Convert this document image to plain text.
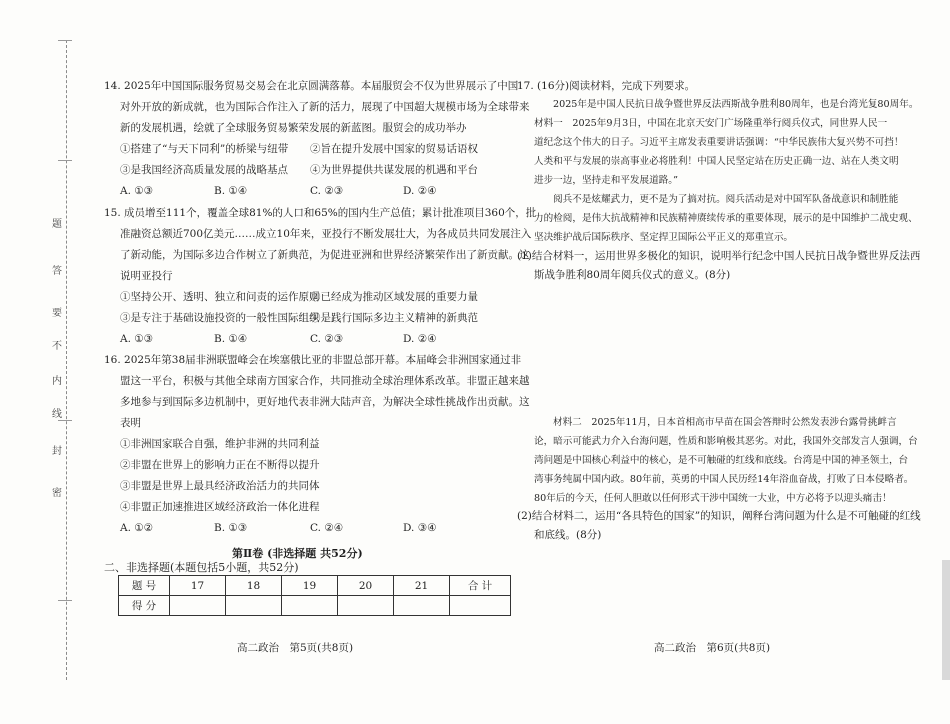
题
答
要
不
内
线
封
密
14. 2025年中国国际服务贸易交易会在北京圆满落幕。本届服贸会不仅为世界展示了中国
对外开放的新成就，也为国际合作注入了新的活力，展现了中国超大规模市场为全球带来
新的发展机遇，绘就了全球服务贸易繁荣发展的新蓝图。服贸会的成功举办
①搭建了“与天下同利”的桥梁与纽带 ②旨在提升发展中国家的贸易话语权
③是我国经济高质量发展的战略基点 ④为世界提供共谋发展的机遇和平台
A. ①③	B. ①④	C. ②③	D. ②④
15. 成员增至111个，覆盖全球81%的人口和65%的国内生产总值；累计批准项目360个，批
准融资总额近700亿美元……成立10年来，亚投行不断发展壮大，为各成员共同发展注入
了新动能，为国际多边合作树立了新典范，为促进亚洲和世界经济繁荣作出了新贡献。这
说明亚投行
①坚持公开、透明、独立和问责的运作原则
②已经成为推动区域发展的重要力量
③是专注于基础设施投资的一般性国际组织
④是践行国际多边主义精神的新典范
A. ①③	B. ①④	C. ②③	D. ②④
16. 2025年第38届非洲联盟峰会在埃塞俄比亚的非盟总部开幕。本届峰会非洲国家通过非
盟这一平台，积极与其他全球南方国家合作，共同推动全球治理体系改革。非盟正越来越
多地参与到国际多边机制中，更好地代表非洲大陆声音，为解决全球性挑战作出贡献。这
表明
①非洲国家联合自强，维护非洲的共同利益
②非盟在世界上的影响力正在不断得以提升
③非盟是世界上最具经济政治活力的共同体
④非盟正加速推进区域经济政治一体化进程
A. ①②	B. ①③	C. ②④	D. ③④
第Ⅱ卷 (非选择题 共52分)
二、非选择题(本题包括5小题，共52分)
题 号	17	18	19	20	21	合 计
得 分						
17. (16分)阅读材料，完成下列要求。
2025年是中国人民抗日战争暨世界反法西斯战争胜利80周年，也是台湾光复80周年。
材料一　2025年9月3日，中国在北京天安门广场隆重举行阅兵仪式，同世界人民一
道纪念这个伟大的日子。习近平主席发表重要讲话强调：“中华民族伟大复兴势不可挡！
人类和平与发展的崇高事业必将胜利！中国人民坚定站在历史正确一边、站在人类文明
进步一边，坚持走和平发展道路。”
阅兵不是炫耀武力，更不是为了搞对抗。阅兵活动是对中国军队备战意识和制胜能
力的检阅，是伟大抗战精神和民族精神赓续传承的重要体现，展示的是中国维护二战史观、
坚决维护战后国际秩序、坚定捍卫国际公平正义的郑重宣示。
(1)结合材料一，运用世界多极化的知识，说明举行纪念中国人民抗日战争暨世界反法西
斯战争胜利80周年阅兵仪式的意义。(8分)
材料二　2025年11月，日本首相高市早苗在国会答辩时公然发表涉台露骨挑衅言
论，暗示可能武力介入台海问题，性质和影响极其恶劣。对此，我国外交部发言人强调，台
湾问题是中国核心利益中的核心，是不可触碰的红线和底线。台湾是中国的神圣领土，台
湾事务纯属中国内政。80年前，英勇的中国人民历经14年浴血奋战，打败了日本侵略者。
80年后的今天，任何人胆敢以任何形式干涉中国统一大业，中方必将予以迎头痛击！
(2)结合材料二，运用“各具特色的国家”的知识，阐释台湾问题为什么是不可触碰的红线
和底线。(8分)
高二政治　第5页(共8页)	高二政治　第6页(共8页)
